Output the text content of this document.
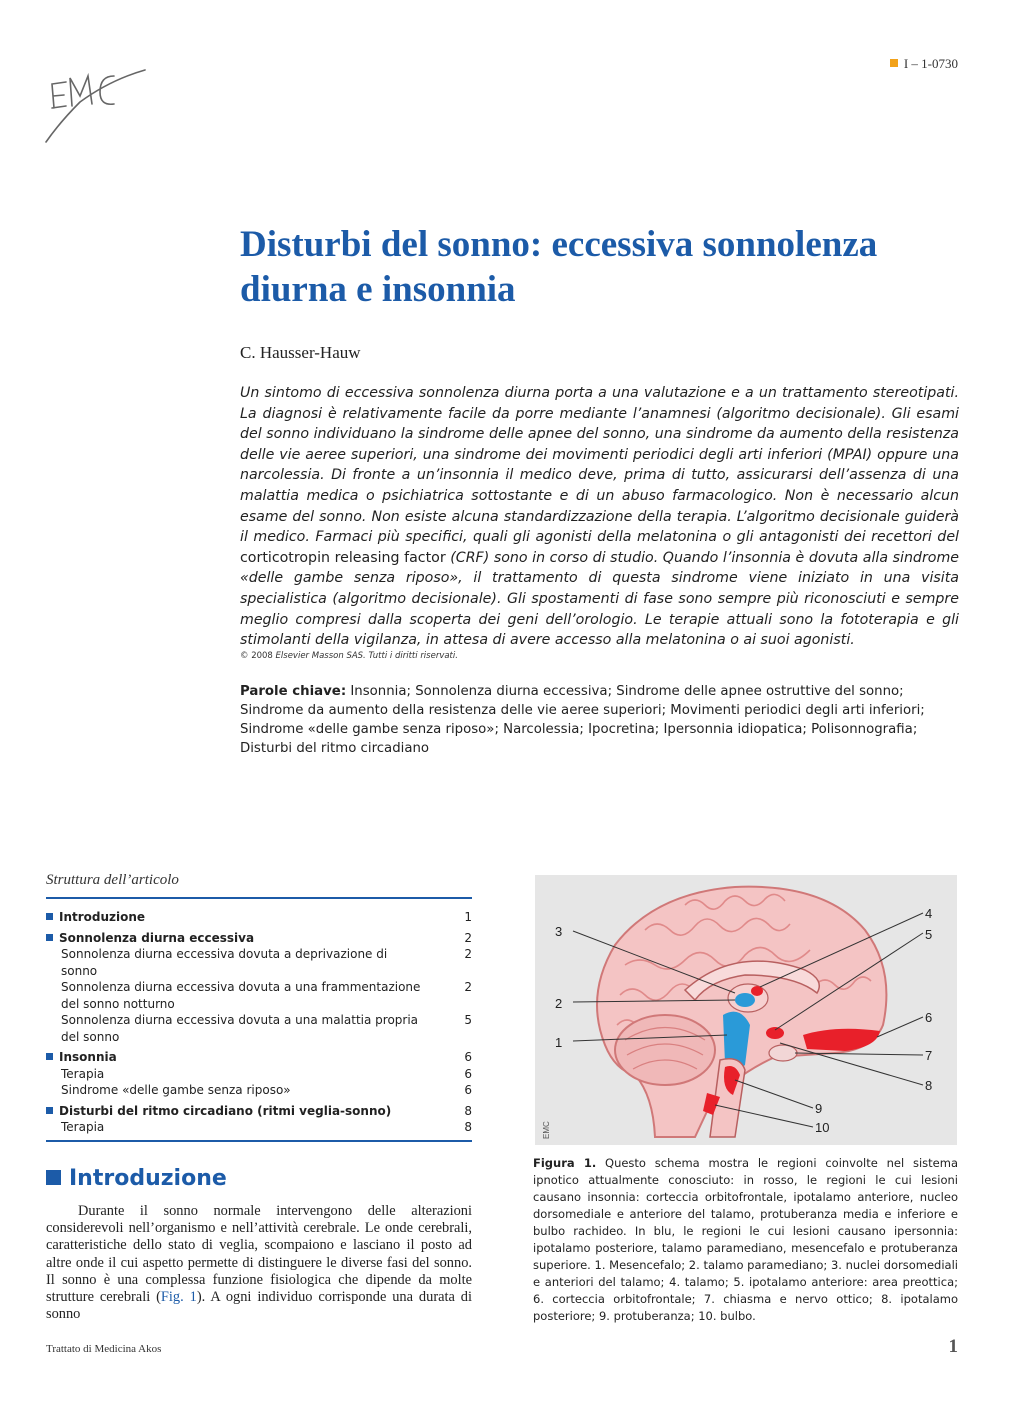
I – 1-0730
Disturbi del sonno: eccessiva sonnolenza diurna e insonnia
C. Hausser-Hauw

Un sintomo di eccessiva sonnolenza diurna porta a una valutazione e a un trattamento stereotipati. La diagnosi è relativamente facile da porre mediante l’anamnesi (algoritmo decisionale). Gli esami del sonno individuano la sindrome delle apnee del sonno, una sindrome da aumento della resistenza delle vie aeree superiori, una sindrome dei movimenti periodici degli arti inferiori (MPAI) oppure una narcolessia. Di fronte a un’insonnia il medico deve, prima di tutto, assicurarsi dell’assenza di una malattia medica o psichiatrica sottostante e di un abuso farmacologico. Non è necessario alcun esame del sonno. Non esiste alcuna standardizzazione della terapia. L’algoritmo decisionale guiderà il medico. Farmaci più specifici, quali gli agonisti della melatonina o gli antagonisti dei recettori del corticotropin releasing factor (CRF) sono in corso di studio. Quando l’insonnia è dovuta alla sindrome «delle gambe senza riposo», il trattamento di questa sindrome viene iniziato in una visita specialistica (algoritmo decisionale). Gli spostamenti di fase sono sempre più riconosciuti e sempre meglio compresi dalla scoperta dei geni dell’orologio. Le terapie attuali sono la fototerapia e gli stimolanti della vigilanza, in attesa di avere accesso alla melatonina o ai suoi agonisti.

© 2008 Elsevier Masson SAS. Tutti i diritti riservati.

Parole chiave: Insonnia; Sonnolenza diurna eccessiva; Sindrome delle apnee ostruttive del sonno; Sindrome da aumento della resistenza delle vie aeree superiori; Movimenti periodici degli arti inferiori; Sindrome «delle gambe senza riposo»; Narcolessia; Ipocretina; Ipersonnia idiopatica; Polisonnografia; Disturbi del ritmo circadiano

Struttura dell’articolo
Introduzione	1
Sonnolenza diurna eccessiva	2
Sonnolenza diurna eccessiva dovuta a deprivazione di sonno
2
Sonnolenza diurna eccessiva dovuta a una frammentazione del sonno notturno
2
Sonnolenza diurna eccessiva dovuta a una malattia propria del sonno
5
Insonnia	6
Terapia	6
Sindrome «delle gambe senza riposo»	6
Disturbi del ritmo circadiano (ritmi veglia-sonno)	8
Terapia	8
Introduzione

Durante il sonno normale intervengono delle alterazioni considerevoli nell’organismo e nell’attività cerebrale. Le onde cerebrali, caratteristiche dello stato di veglia, scompaiono e lasciano il posto ad altre onde il cui aspetto permette di distinguere le diverse fasi del sonno. Il sonno è una complessa funzione fisiologica che dipende da molte strutture cerebrali (Fig. 1). A ogni individuo corrisponde una durata di sonno

1
2
3
4
5
6
7
8
9
10
EMC

Figura 1. Questo schema mostra le regioni coinvolte nel sistema ipnotico attualmente conosciuto: in rosso, le regioni le cui lesioni causano insonnia: corteccia orbitofrontale, ipotalamo anteriore, nucleo dorsomediale e anteriore del talamo, protuberanza media e inferiore e bulbo rachideo. In blu, le regioni le cui lesioni causano ipersonnia: ipotalamo posteriore, talamo paramediano, mesencefalo e protuberanza superiore. 1. Mesencefalo; 2. talamo paramediano; 3. nuclei dorsomediali e anteriori del talamo; 4. talamo; 5. ipotalamo anteriore: area preottica; 6. corteccia orbitofrontale; 7. chiasma e nervo ottico; 8. ipotalamo posteriore; 9. protuberanza; 10. bulbo.

Trattato di Medicina Akos	1
